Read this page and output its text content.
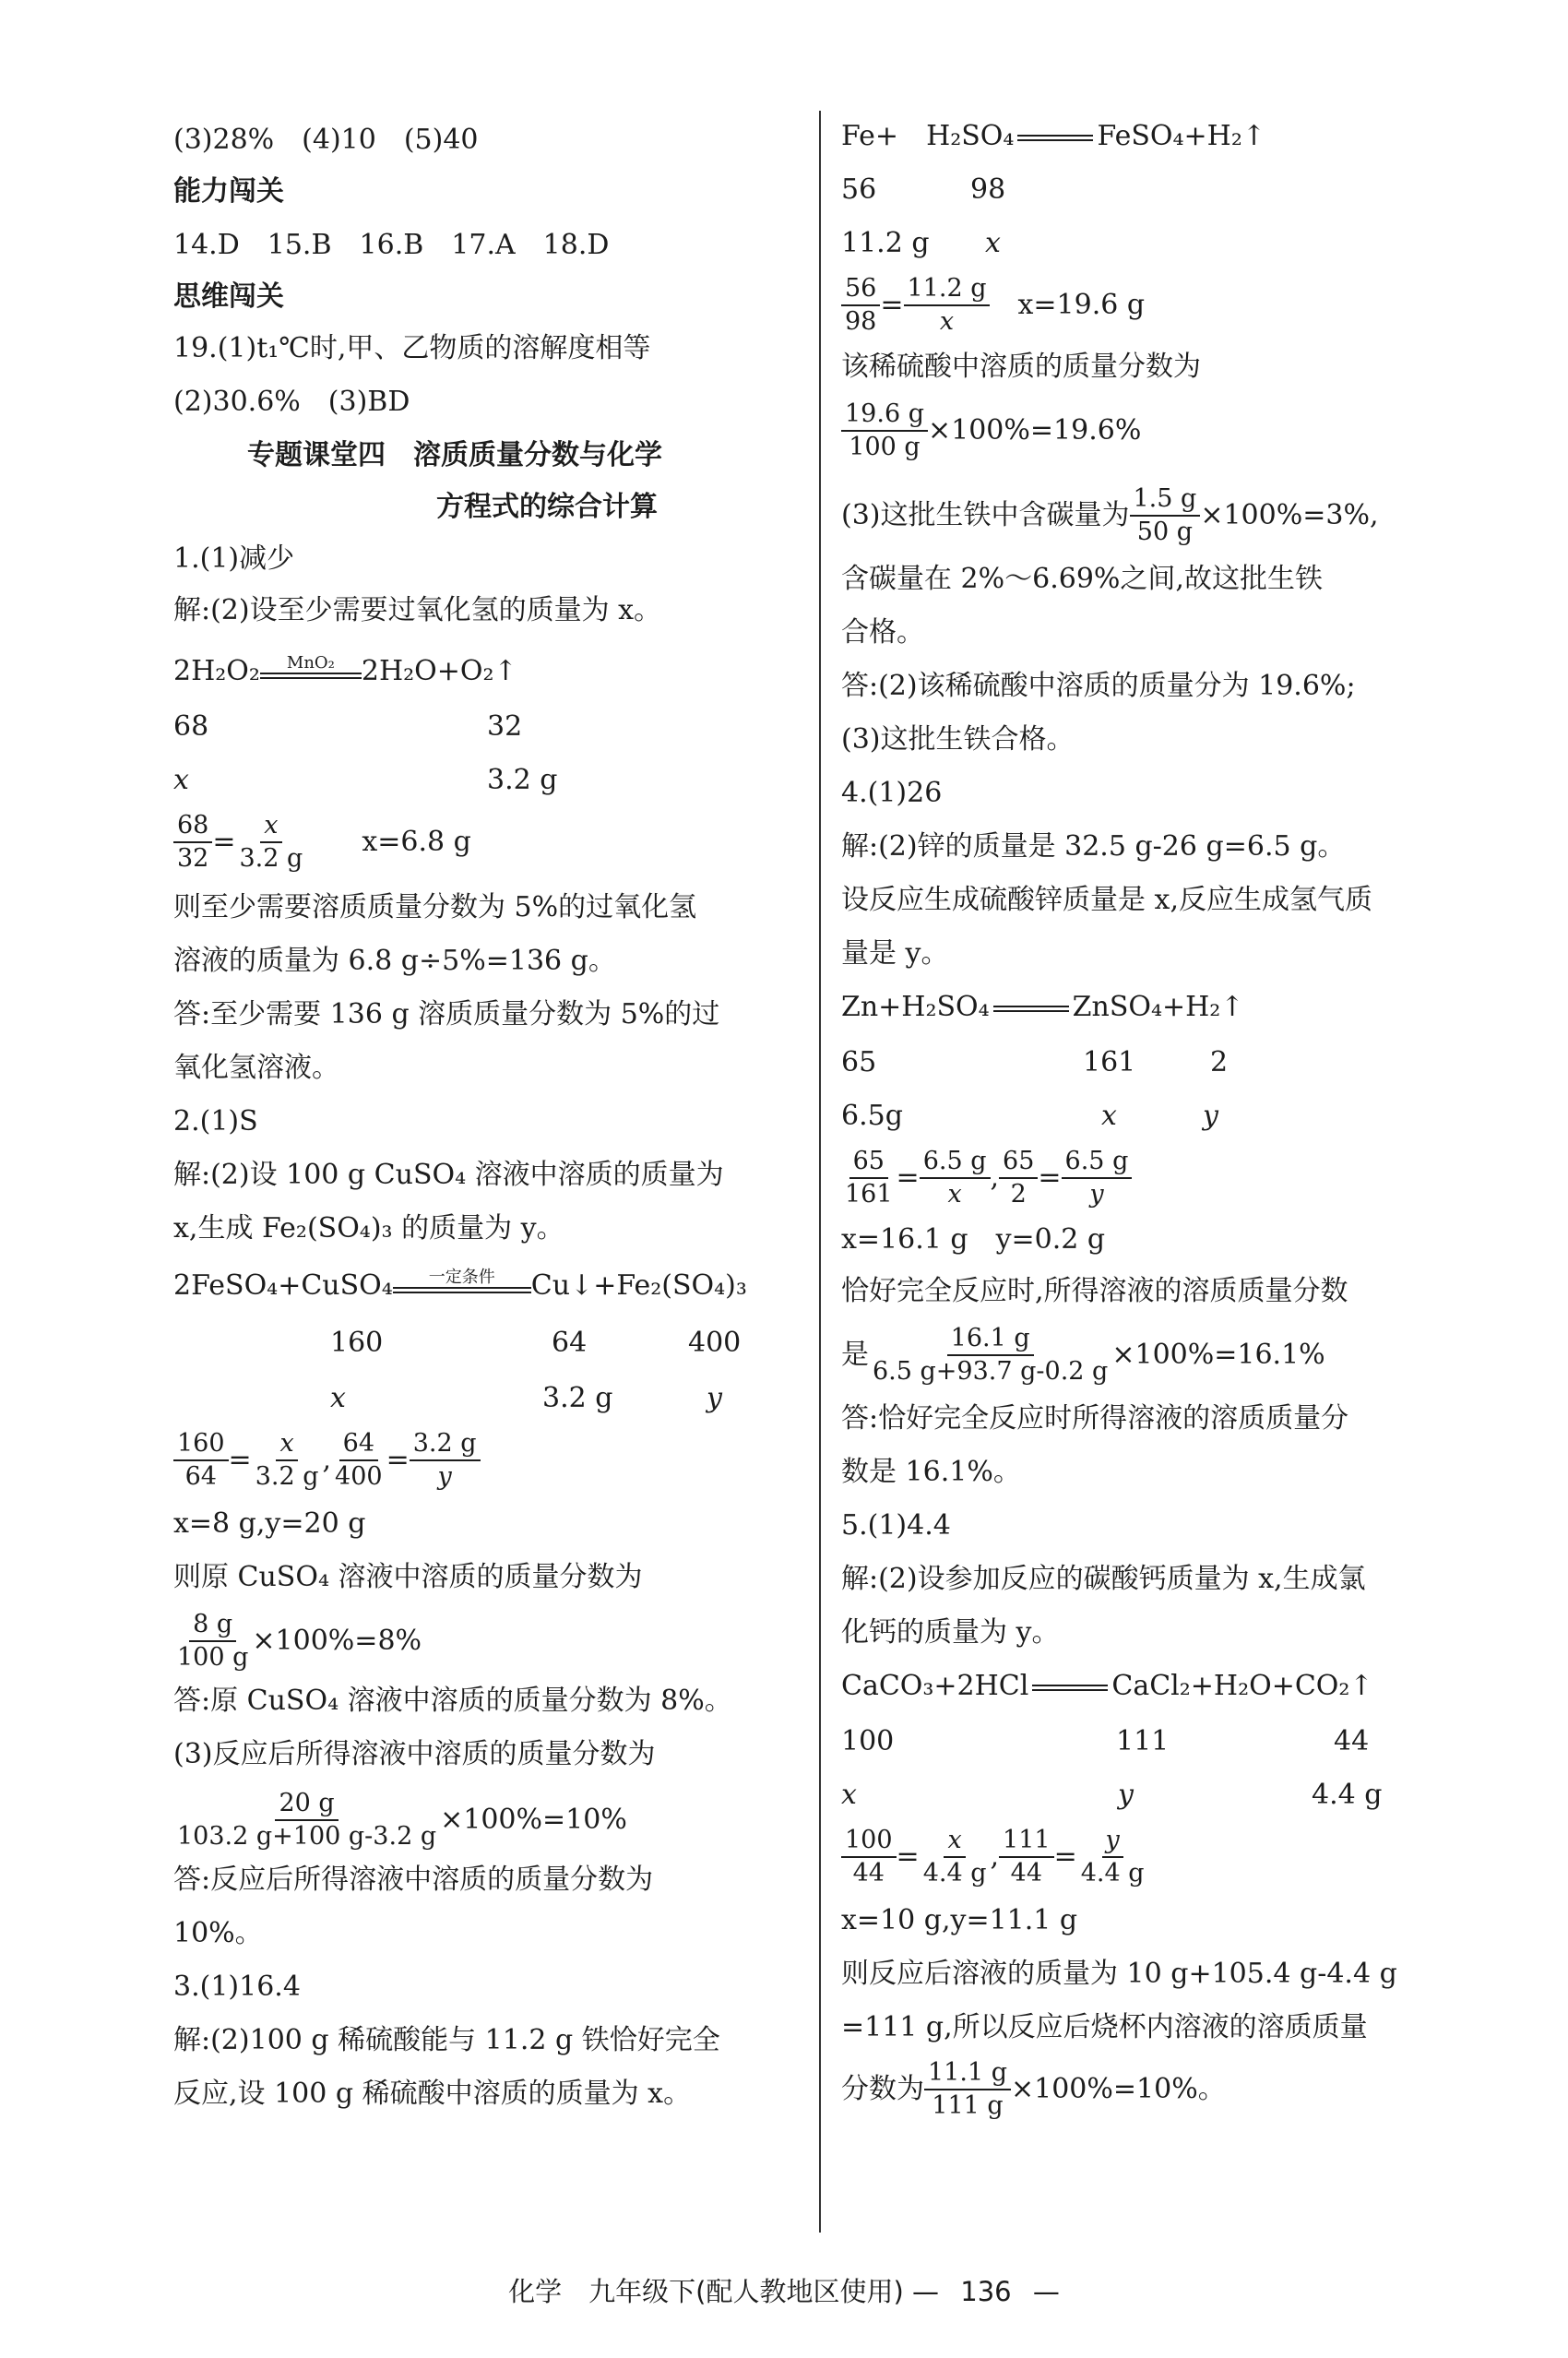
(3)28%　(4)10　(5)40
能力闯关
14.D　15.B　16.B　17.A　18.D
思维闯关
19.(1)t₁℃时,甲、乙物质的溶解度相等
(2)30.6%　(3)BD
专题课堂四　溶质质量分数与化学
方程式的综合计算
1.(1)减少
解:(2)设至少需要过氧化氢的质量为 x。
2H₂O₂ MnO₂ 2H₂O+O₂↑
68	32
x	3.2 g
$\frac{68}{32} = \frac{x}{3.2 g} x=6.8$ g
则至少需要溶质质量分数为 5%的过氧化氢
溶液的质量为 6.8 g÷5%=136 g。
答:至少需要 136 g 溶质质量分数为 5%的过
氧化氢溶液。
2.(1)S
解:(2)设 100 g CuSO₄ 溶液中溶质的质量为
x,生成 Fe₂(SO₄)₃ 的质量为 y。
2FeSO₄+CuSO₄ 一定条件 Cu↓+Fe₂(SO₄)₃
160	64	400
x	3.2 g	y
$\frac{160}{64} = \frac{x}{3.2 g}$ , $\frac{64}{400} = \frac{3.2 g}{y}$
x=8 g,y=20 g
则原 CuSO₄ 溶液中溶质的质量分数为
$\frac{8 g}{100 g} \times 100\%=8\%$
答:原 CuSO₄ 溶液中溶质的质量分数为 8%。
(3)反应后所得溶液中溶质的质量分数为
$\frac{20 g}{103.2 g+100 g-3.2 g} \times 100\%=10\%$
答:反应后所得溶液中溶质的质量分数为
10%。
3.(1)16.4
解:(2)100 g 稀硫酸能与 11.2 g 铁恰好完全
反应,设 100 g 稀硫酸中溶质的质量为 x。
Fe+　H₂SO₄	FeSO₄+H₂↑
56	98
11.2 g x
$\frac{56}{98} = \frac{11.2 g}{x} x=19.6$ g
该稀硫酸中溶质的质量分数为
$\frac{19.6 g}{100 g} \times 100\%=19.6\%$
(3)这批生铁中含碳量为 $\frac{1.5 g}{50 g} \times 100\%=3\%$,
含碳量在 2%～6.69%之间,故这批生铁
合格。
答:(2)该稀硫酸中溶质的质量分为 19.6%;
(3)这批生铁合格。
4.(1)26
解:(2)锌的质量是 32.5 g-26 g=6.5 g。
设反应生成硫酸锌质量是 x,反应生成氢气质
量是 y。
Zn+H₂SO₄	ZnSO₄+H₂↑
65	161	2
6.5g	x	y
$\frac{65}{161} = \frac{6.5 g}{x}$ , $\frac{65}{2} = \frac{6.5 g}{y}$
x=16.1 g　y=0.2 g
恰好完全反应时,所得溶液的溶质质量分数
是 $\frac{16.1 g}{6.5 g+93.7 g-0.2 g} \times 100\%=16.1\%$
答:恰好完全反应时所得溶液的溶质质量分
数是 16.1%。
5.(1)4.4
解:(2)设参加反应的碳酸钙质量为 x,生成氯
化钙的质量为 y。
CaCO₃+2HCl	CaCl₂+H₂O+CO₂↑
100	111	44
x	y	4.4 g
$\frac{100}{44} = \frac{x}{4.4 g}$ , $\frac{111}{44} = \frac{y}{4.4 g}$
x=10 g,y=11.1 g
则反应后溶液的质量为 10 g+105.4 g-4.4 g
=111 g,所以反应后烧杯内溶液的溶质质量
分数为 $\frac{11.1 g}{111 g} \times 100\%=10\%$。
化学　九年级下(配人教地区使用) — 136 —
